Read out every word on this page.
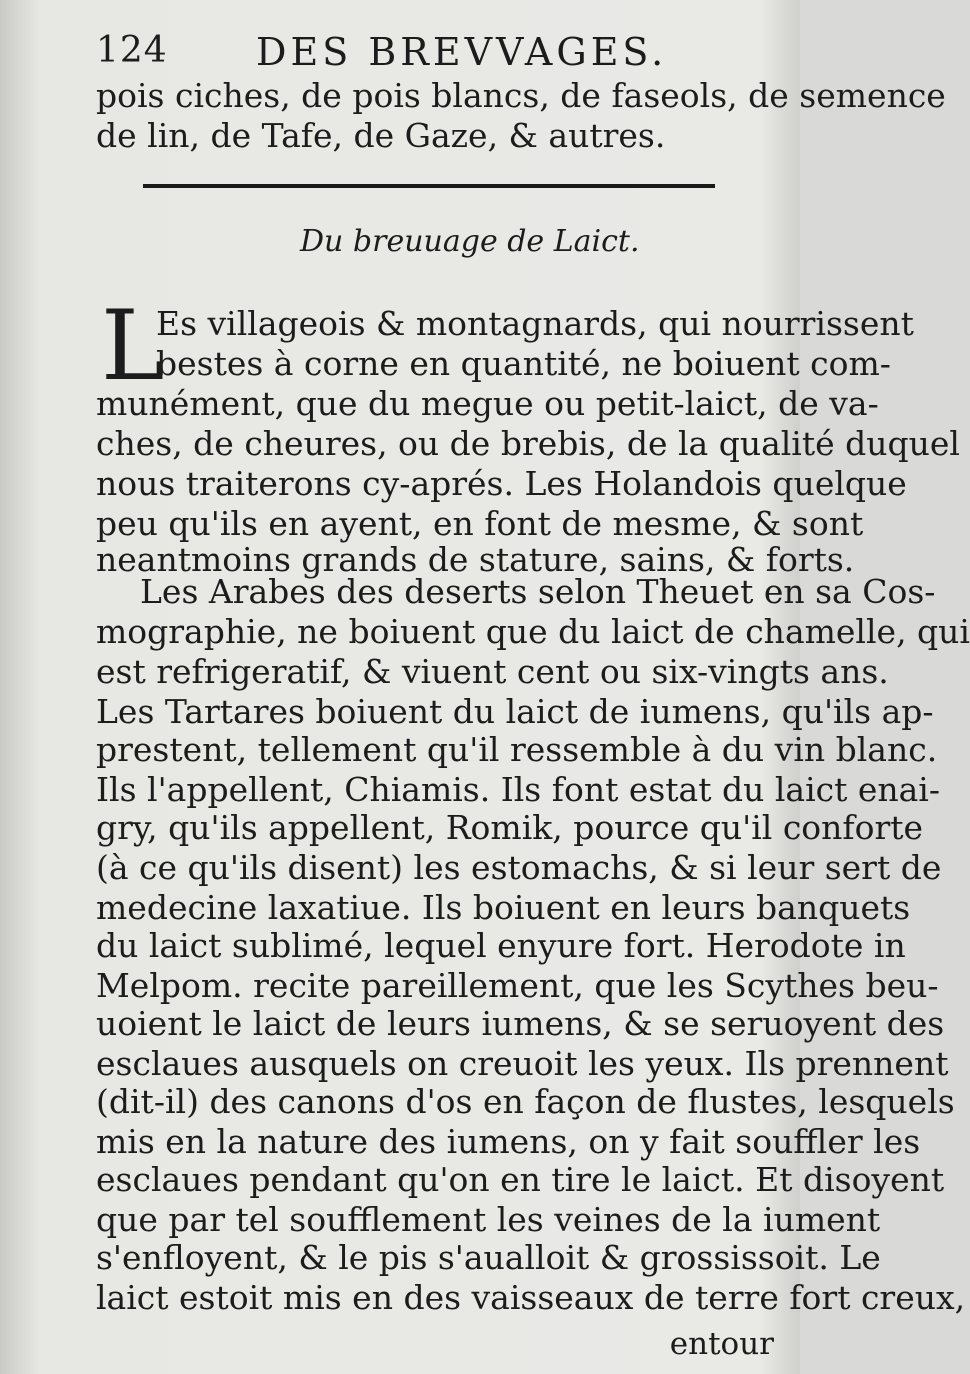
124 DES BREVVAGES.
pois ciches, de pois blancs, de faseols, de semence
de lin, de Tafe, de Gaze, & autres.
Du breuuage de Laict.
L
Es villageois & montagnards, qui nourrissent
bestes à corne en quantité, ne boiuent com-
munément, que du megue ou petit-laict, de va-
ches, de cheures, ou de brebis, de la qualité duquel
nous traiterons cy-aprés. Les Holandois quelque
peu qu'ils en ayent, en font de mesme, & sont
neantmoins grands de stature, sains, & forts.
Les Arabes des deserts selon Theuet en sa Cos-
mographie, ne boiuent que du laict de chamelle, qui
est refrigeratif, & viuent cent ou six-vingts ans.
Les Tartares boiuent du laict de iumens, qu'ils ap-
prestent, tellement qu'il ressemble à du vin blanc.
Ils l'appellent, Chiamis. Ils font estat du laict enai-
gry, qu'ils appellent, Romik, pource qu'il conforte
(à ce qu'ils disent) les estomachs, & si leur sert de
medecine laxatiue. Ils boiuent en leurs banquets
du laict sublimé, lequel enyure fort. Herodote in
Melpom. recite pareillement, que les Scythes beu-
uoient le laict de leurs iumens, & se seruoyent des
esclaues ausquels on creuoit les yeux. Ils prennent
(dit-il) des canons d'os en façon de flustes, lesquels
mis en la nature des iumens, on y fait souffler les
esclaues pendant qu'on en tire le laict. Et disoyent
que par tel soufflement les veines de la iument
s'enfloyent, & le pis s'aualloit & grossissoit. Le
laict estoit mis en des vaisseaux de terre fort creux,
entour
